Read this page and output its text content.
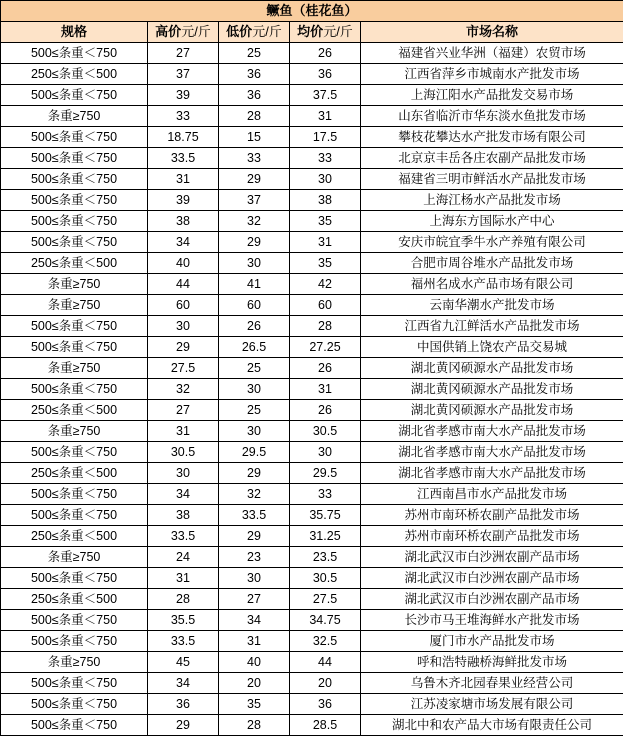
鳜鱼（桂花鱼）				
规格	高价元/斤	低价元/斤	均价元/斤	市场名称
500≤条重＜750	27	25	26	福建省兴业华洲（福建）农贸市场
250≤条重＜500	37	36	36	江西省萍乡市城南水产批发市场
500≤条重＜750	39	36	37.5	上海江阳水产品批发交易市场
条重≥750	33	28	31	山东省临沂市华东淡水鱼批发市场
500≤条重＜750	18.75	15	17.5	攀枝花攀达水产批发市场有限公司
500≤条重＜750	33.5	33	33	北京京丰岳各庄农副产品批发市场
500≤条重＜750	31	29	30	福建省三明市鲜活水产品批发市场
500≤条重＜750	39	37	38	上海江杨水产品批发市场
500≤条重＜750	38	32	35	上海东方国际水产中心
500≤条重＜750	34	29	31	安庆市皖宜季牛水产养殖有限公司
250≤条重＜500	40	30	35	合肥市周谷堆水产品批发市场
条重≥750	44	41	42	福州名成水产品市场有限公司
条重≥750	60	60	60	云南华潮水产批发市场
500≤条重＜750	30	26	28	江西省九江鲜活水产品批发市场
500≤条重＜750	29	26.5	27.25	中国供销上饶农产品交易城
条重≥750	27.5	25	26	湖北黄冈硕源水产品批发市场
500≤条重＜750	32	30	31	湖北黄冈硕源水产品批发市场
250≤条重＜500	27	25	26	湖北黄冈硕源水产品批发市场
条重≥750	31	30	30.5	湖北省孝感市南大水产品批发市场
500≤条重＜750	30.5	29.5	30	湖北省孝感市南大水产品批发市场
250≤条重＜500	30	29	29.5	湖北省孝感市南大水产品批发市场
500≤条重＜750	34	32	33	江西南昌市水产品批发市场
500≤条重＜750	38	33.5	35.75	苏州市南环桥农副产品批发市场
250≤条重＜500	33.5	29	31.25	苏州市南环桥农副产品批发市场
条重≥750	24	23	23.5	湖北武汉市白沙洲农副产品市场
500≤条重＜750	31	30	30.5	湖北武汉市白沙洲农副产品市场
250≤条重＜500	28	27	27.5	湖北武汉市白沙洲农副产品市场
500≤条重＜750	35.5	34	34.75	长沙市马王堆海鲜水产批发市场
500≤条重＜750	33.5	31	32.5	厦门市水产品批发市场
条重≥750	45	40	44	呼和浩特融桥海鲜批发市场
500≤条重＜750	34	20	20	乌鲁木齐北园春果业经营公司
500≤条重＜750	36	35	36	江苏凌家塘市场发展有限公司
500≤条重＜750	29	28	28.5	湖北中和农产品大市场有限责任公司
